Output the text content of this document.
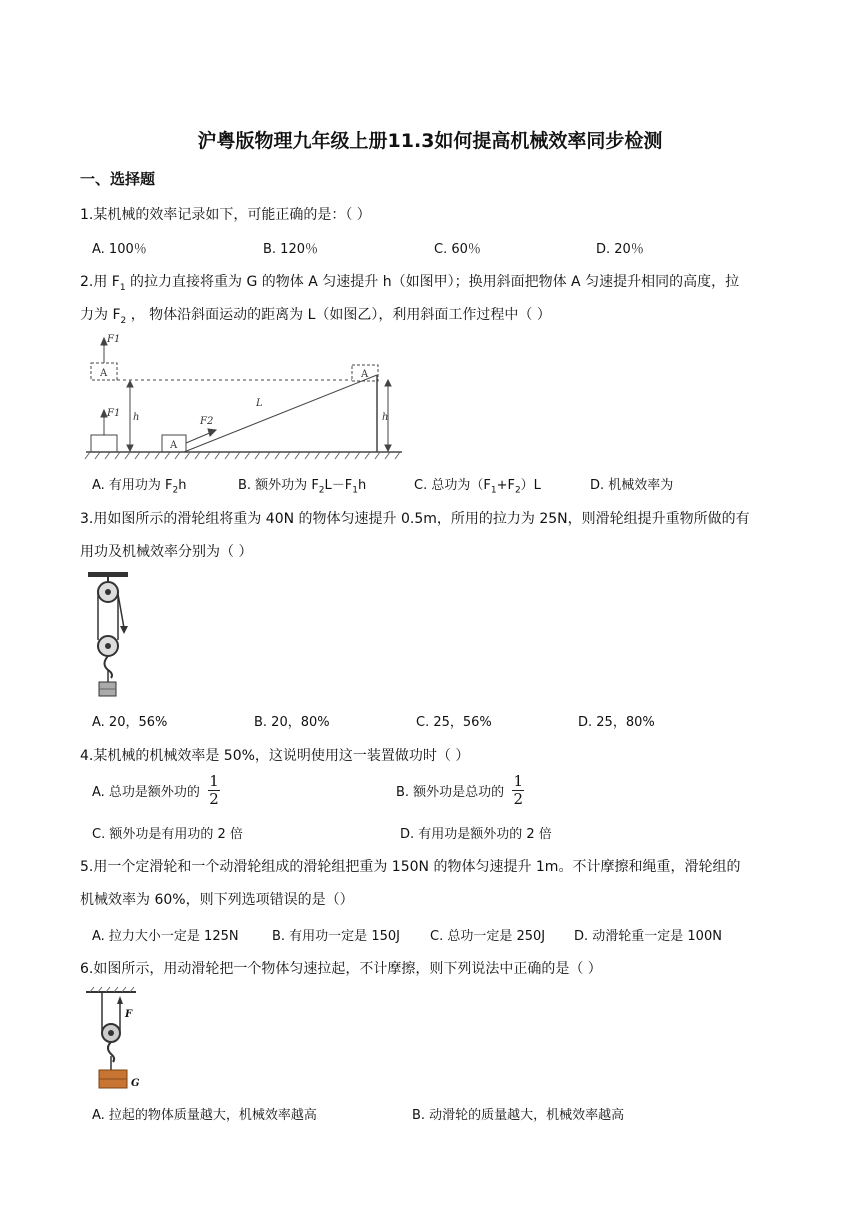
沪粤版物理九年级上册11.3如何提高机械效率同步检测
一、选择题
1.某机械的效率记录如下，可能正确的是：（ ）
A. 100％	B. 120％	C. 60％	D. 20％
2.用 $F_1$ 的拉力直接将重为 G 的物体 A 匀速提升 h（如图甲）；换用斜面把物体 A 匀速提升相同的高度，拉
力为 $F_2$ ， 物体沿斜面运动的距离为 L（如图乙），利用斜面工作过程中（ ）
F1
A
F1 h
A
F2
L
A
h
A. 有用功为 $F_2h$	B. 额外功为 $F_2L-F_1h$	C. 总功为$(F_1+F_2)L$	D. 机械效率为
3.用如图所示的滑轮组将重为 40N 的物体匀速提升 0.5m，所用的拉力为 25N，则滑轮组提升重物所做的有
用功及机械效率分别为（ ）
A. 20，56%	B. 20，80%	C. 25，56%	D. 25，80%
4.某机械的机械效率是 50%，这说明使用这一装置做功时（ ）
A. 总功是额外功的 $\frac{1}{2}$	B. 额外功是总功的 $\frac{1}{2}$
C. 额外功是有用功的 2 倍	D. 有用功是额外功的 2 倍
5.用一个定滑轮和一个动滑轮组成的滑轮组把重为 150N 的物体匀速提升 1m。不计摩擦和绳重，滑轮组的
机械效率为 60%，则下列选项错误的是（）
A. 拉力大小一定是 125N	B. 有用功一定是 150J C. 总功一定是 250J D. 动滑轮重一定是 100N
6.如图所示，用动滑轮把一个物体匀速拉起，不计摩擦，则下列说法中正确的是（ ）
F
G
A. 拉起的物体质量越大，机械效率越高	B. 动滑轮的质量越大，机械效率越高
